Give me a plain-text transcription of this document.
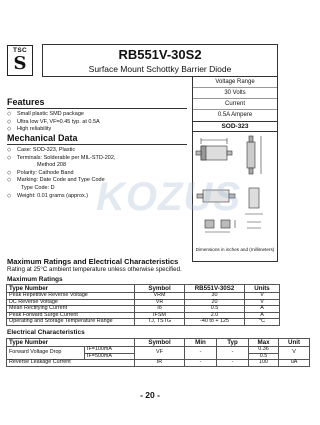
TSC
S	RB551V-30S2
Surface Mount Schottky Barrier Diode
Voltage Range
30 Volts
Current
0.5A Ampere
SOD-323
Dimensions in inches and (millimeters)
Features
◇ Small plastic SMD package
◇ Ultra low VF, VF=0.45 typ. at 0.5A
◇ High reliability
Mechanical Data
◇ Case: SOD-323, Plastic
◇ Terminals: Solderable per MIL-STD-202,
Method 208
◇ Polarity: Cathode Band
◇ Marking: Date Code and Type Code
Type Code: D
◇ Weight: 0.01 grams (approx.) KOZUS
Maximum Ratings and Electrical Characteristics
Rating at 25°C ambient temperature unless otherwise specified.
Maximum Ratings
Type Number	Symbol	RB551V-30S2	Units
Peak Repetitive Reverse Voltage	VRM	30	V
DC Reverse Voltage	VR	20	V
Mean Rectifying Current	Io	0.5	A
Peak Forward Surge Current	IFSM	2.0	A
Operating and Storage Temperature Range	TJ, TSTG	-40 to + 125	°C
Electrical Characteristics
Type Number		Symbol	Min	Typ	Max	Unit
Forward Voltage Drop	IF=100mA	VF	-	-	0.36	V
	IF=500mA				0.5	
Reverse Leakage Current		IR	-	-	100	uA
- 20 -
